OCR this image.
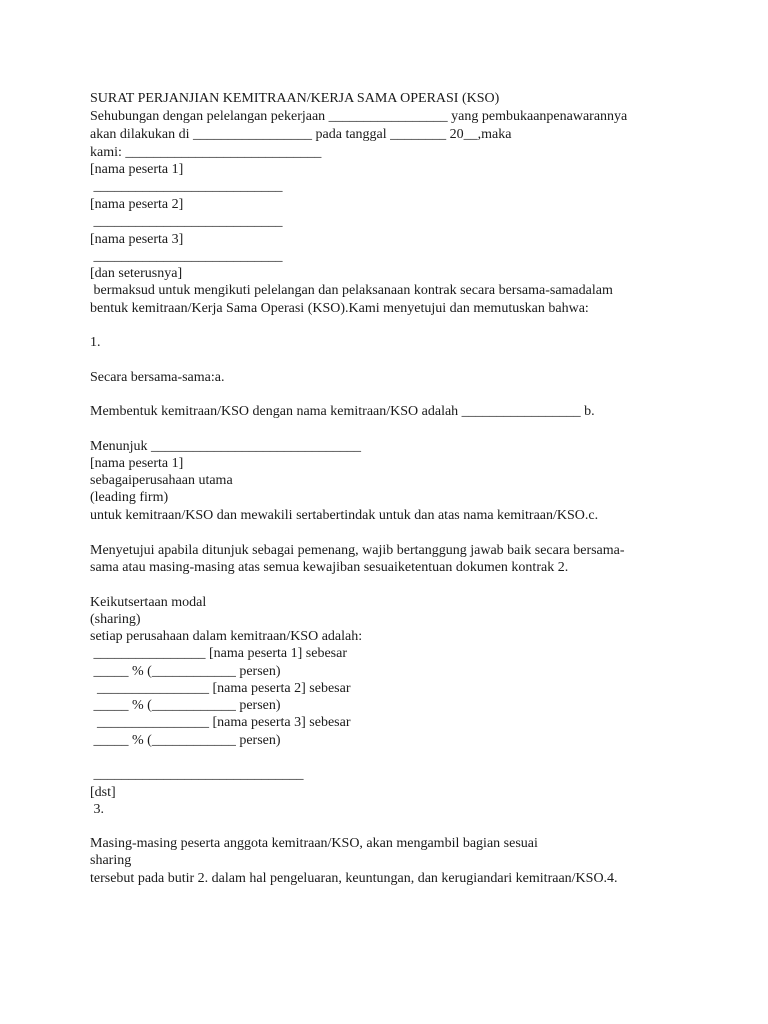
SURAT PERJANJIAN KEMITRAAN/KERJA SAMA OPERASI (KSO)
Sehubungan dengan pelelangan pekerjaan _________________ yang pembukaanpenawarannya
akan dilakukan di _________________ pada tanggal ________ 20__,maka
kami: ____________________________
[nama peserta 1]
___________________________
[nama peserta 2]
___________________________
[nama peserta 3]
___________________________
[dan seterusnya]
bermaksud untuk mengikuti pelelangan dan pelaksanaan kontrak secara bersama-samadalam
bentuk kemitraan/Kerja Sama Operasi (KSO).Kami menyetujui dan memutuskan bahwa:
1.
Secara bersama-sama:a.
Membentuk kemitraan/KSO dengan nama kemitraan/KSO adalah _________________ b.
Menunjuk ______________________________
[nama peserta 1]
sebagaiperusahaan utama
(leading firm)
untuk kemitraan/KSO dan mewakili sertabertindak untuk dan atas nama kemitraan/KSO.c.
Menyetujui apabila ditunjuk sebagai pemenang, wajib bertanggung jawab baik secara bersama-
sama atau masing-masing atas semua kewajiban sesuaiketentuan dokumen kontrak 2.
Keikutsertaan modal
(sharing)
setiap perusahaan dalam kemitraan/KSO adalah:
________________ [nama peserta 1] sebesar
_____ % (____________ persen)
________________ [nama peserta 2] sebesar
_____ % (____________ persen)
________________ [nama peserta 3] sebesar
_____ % (____________ persen)
______________________________
[dst]
3.
Masing-masing peserta anggota kemitraan/KSO, akan mengambil bagian sesuai
sharing
tersebut pada butir 2. dalam hal pengeluaran, keuntungan, dan kerugiandari kemitraan/KSO.4.
